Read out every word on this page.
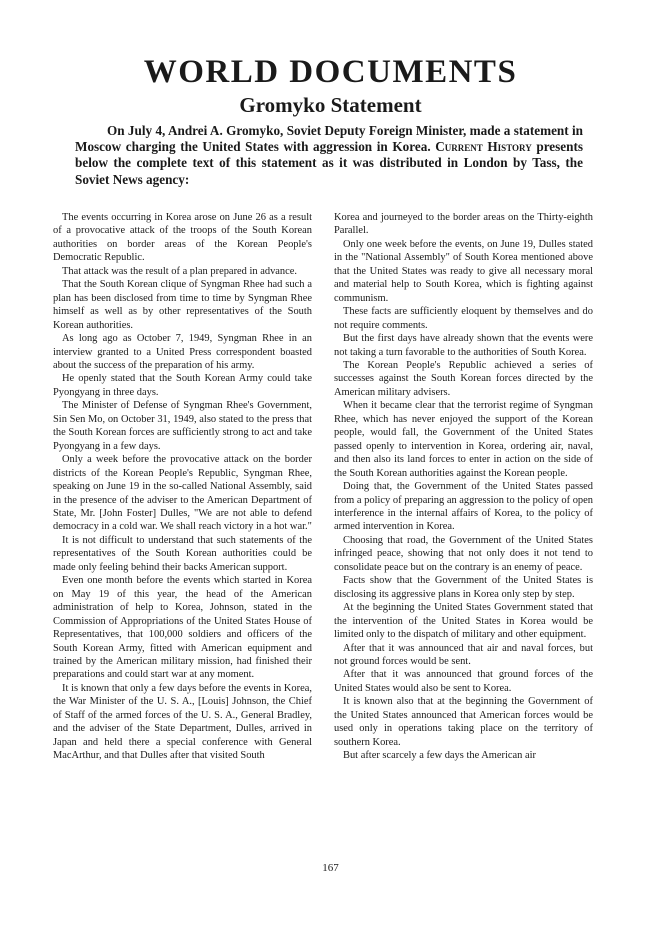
WORLD DOCUMENTS
Gromyko Statement
On July 4, Andrei A. Gromyko, Soviet Deputy Foreign Minister, made a statement in Moscow charging the United States with aggression in Korea. Current History presents below the complete text of this statement as it was distributed in London by Tass, the Soviet News agency:

The events occurring in Korea arose on June 26 as a result of a provocative attack of the troops of the South Korean authorities on border areas of the Korean People's Democratic Republic.

That attack was the result of a plan prepared in advance.

That the South Korean clique of Syngman Rhee had such a plan has been disclosed from time to time by Syngman Rhee himself as well as by other representatives of the South Korean authorities.

As long ago as October 7, 1949, Syngman Rhee in an interview granted to a United Press correspondent boasted about the success of the preparation of his army.

He openly stated that the South Korean Army could take Pyongyang in three days.

The Minister of Defense of Syngman Rhee's Government, Sin Sen Mo, on October 31, 1949, also stated to the press that the South Korean forces are sufficiently strong to act and take Pyongyang in a few days.

Only a week before the provocative attack on the border districts of the Korean People's Republic, Syngman Rhee, speaking on June 19 in the so-called National Assembly, said in the presence of the adviser to the American Department of State, Mr. [John Foster] Dulles, "We are not able to defend democracy in a cold war. We shall reach victory in a hot war."

It is not difficult to understand that such statements of the representatives of the South Korean authorities could be made only feeling behind their backs American support.

Even one month before the events which started in Korea on May 19 of this year, the head of the American administration of help to Korea, Johnson, stated in the Commission of Appropriations of the United States House of Representatives, that 100,000 soldiers and officers of the South Korean Army, fitted with American equipment and trained by the American military mission, had finished their preparations and could start war at any moment.

It is known that only a few days before the events in Korea, the War Minister of the U. S. A., [Louis] Johnson, the Chief of Staff of the armed forces of the U. S. A., General Bradley, and the adviser of the State Department, Dulles, arrived in Japan and held there a special conference with General MacArthur, and that Dulles after that visited South

Korea and journeyed to the border areas on the Thirty-eighth Parallel.

Only one week before the events, on June 19, Dulles stated in the "National Assembly" of South Korea mentioned above that the United States was ready to give all necessary moral and material help to South Korea, which is fighting against communism.

These facts are sufficiently eloquent by themselves and do not require comments.

But the first days have already shown that the events were not taking a turn favorable to the authorities of South Korea.

The Korean People's Republic achieved a series of successes against the South Korean forces directed by the American military advisers.

When it became clear that the terrorist regime of Syngman Rhee, which has never enjoyed the support of the Korean people, would fall, the Government of the United States passed openly to intervention in Korea, ordering air, naval, and then also its land forces to enter in action on the side of the South Korean authorities against the Korean people.

Doing that, the Government of the United States passed from a policy of preparing an aggression to the policy of open interference in the internal affairs of Korea, to the policy of armed intervention in Korea.

Choosing that road, the Government of the United States infringed peace, showing that not only does it not tend to consolidate peace but on the contrary is an enemy of peace.

Facts show that the Government of the United States is disclosing its aggressive plans in Korea only step by step.

At the beginning the United States Government stated that the intervention of the United States in Korea would be limited only to the dispatch of military and other equipment.

After that it was announced that air and naval forces, but not ground forces would be sent.

After that it was announced that ground forces of the United States would also be sent to Korea.

It is known also that at the beginning the Government of the United States announced that American forces would be used only in operations taking place on the territory of southern Korea.

But after scarcely a few days the American air

167
